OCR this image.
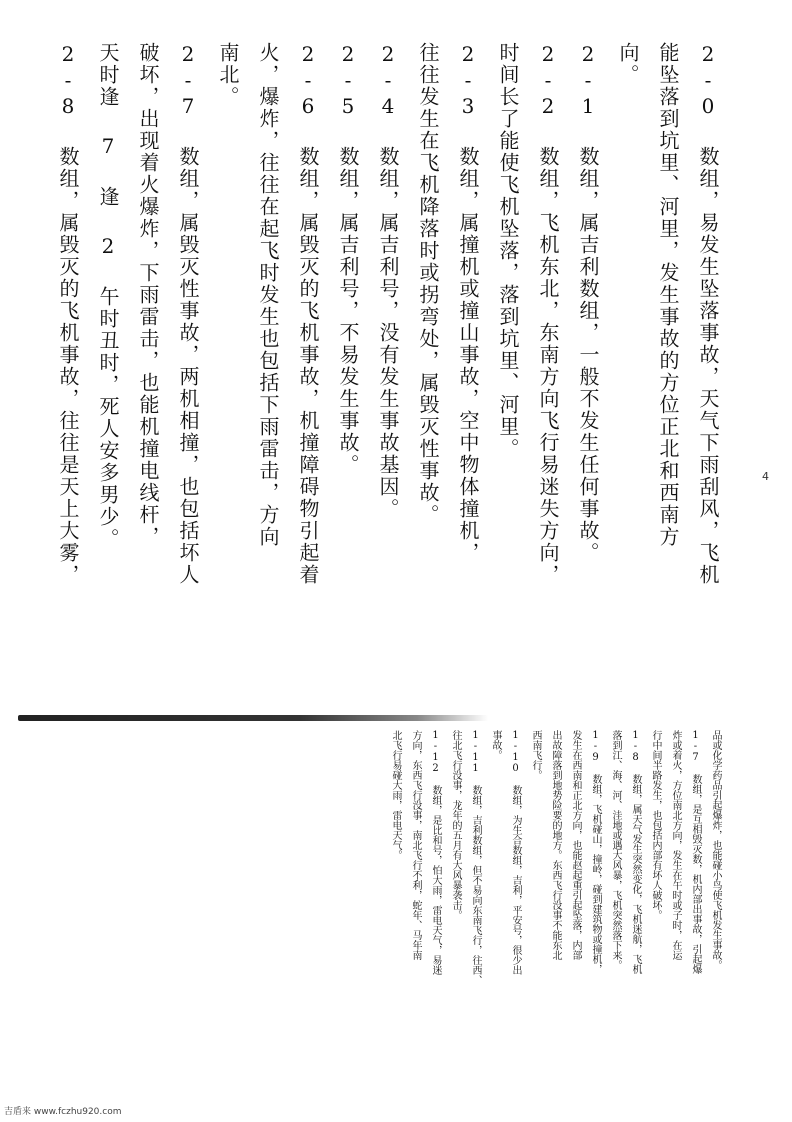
2-0 数组，易发生坠落事故，天气下雨刮风，飞机
能坠落到坑里、河里，发生事故的方位正北和西南方
向。
2-1 数组，属吉利数组，一般不发生任何事故。
2-2 数组，飞机东北，东南方向飞行易迷失方向，
时间长了能使飞机坠落，落到坑里、河里。
2-3 数组，属撞机或撞山事故，空中物体撞机，
往往发生在飞机降落时或拐弯处，属毁灭性事故。
2-4 数组，属吉利号，没有发生事故基因。
2-5 数组，属吉利号，不易发生事故。
2-6 数组，属毁灭的飞机事故，机撞障碍物引起着
火，爆炸，往往在起飞时发生也包括下雨雷击，方向
南北。
2-7 数组，属毁灭性事故，两机相撞，也包括坏人
破坏，出现着火爆炸，下雨雷击，也能机撞电线杆，
天时逢 7 逢 2 午时丑时，死人安多男少。
2-8 数组，属毁灭的飞机事故，往往是天上大雾，	4
品或化学药品引起爆炸，也能碰小鸟使飞机发生事故。
1-7 数组，是互相毁灭数，机内部出事故，引起爆
炸或着火，方位南北方向，发生在午时或子时，在运
行中间半路发生，也包括内部有坏人破坏。
1-8 数组，属天气发生突然变化，飞机迷航，飞机
落到江、海、河、洼地或遇大风暴，飞机突然落下来。
1-9 数组，飞机碰山，撞岭，碰到建筑物或撞机，
发生在西南和正北方向，也能赵起重引起坠落，内部
出故障落到地势险要的地方。东西飞行没事不能东北
西南飞行。
1-10 数组，为生合数组，吉利，平安号，很少出
事故。
1-11 数组，吉利数组，但不易向东南飞行，往西、
往北飞行没事，龙年的五月有大风暴袭击。
1-12 数组，是比和号，怕大雨，雷电天气，易迷
方向，东西飞行没事，南北飞行不利，蛇年、马年南
北飞行易碰大雨，雷电天气。
吉盾来 www.fczhu920.com
